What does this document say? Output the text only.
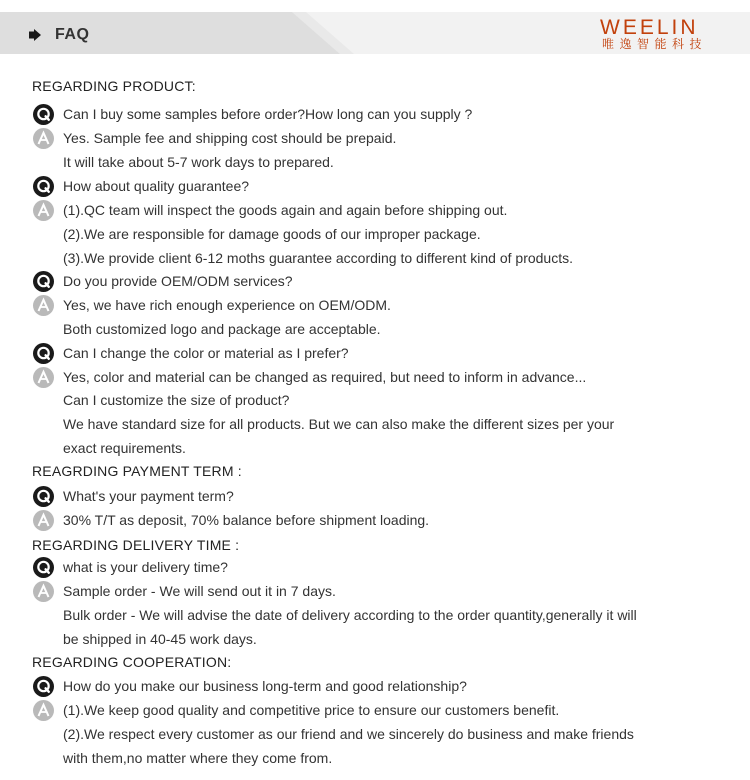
FAQ	WEELIN
唯逸智能科技
REGARDING PRODUCT:
Can I buy some samples before order?How long can you supply ?
Yes. Sample fee and shipping cost should be prepaid.
It will take about 5-7 work days to prepared.
How about quality guarantee?
(1).QC team will inspect the goods again and again before shipping out.
(2).We are responsible for damage goods of our improper package.
(3).We provide client 6-12 moths guarantee according to different kind of products.
Do you provide OEM/ODM services?
Yes, we have rich enough experience on OEM/ODM.
Both customized logo and package are acceptable.
Can I change the color or material as I prefer?
Yes, color and material can be changed as required, but need to inform in advance...
Can I customize the size of product?
We have standard size for all products. But we can also make the different sizes per your
exact requirements.
REAGRDING PAYMENT TERM :
What's your payment term?
30% T/T as deposit, 70% balance before shipment loading.
REGARDING DELIVERY TIME :
what is your delivery time?
Sample order - We will send out it in 7 days.
Bulk order - We will advise the date of delivery according to the order quantity,generally it will
be shipped in 40-45 work days.
REGARDING COOPERATION:
How do you make our business long-term and good relationship?
(1).We keep good quality and competitive price to ensure our customers benefit.
(2).We respect every customer as our friend and we sincerely do business and make friends
with them,no matter where they come from.
